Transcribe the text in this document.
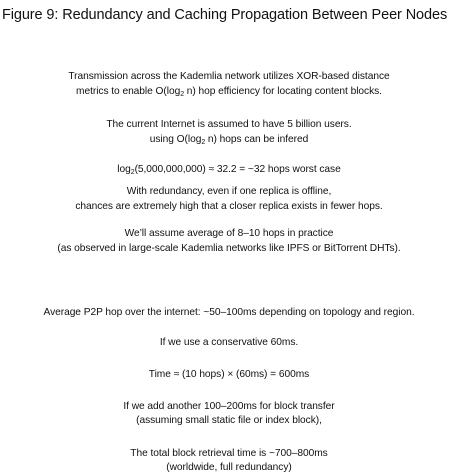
Figure 9: Redundancy and Caching Propagation Between Peer Nodes
Transmission across the Kademlia network utilizes XOR-based distance
metrics to enable $O(\log_2$ n) hop efficiency for locating content blocks.
The current Internet is assumed to have 5 billion users.
using $O(\log_2$ n) hops can be infered
$\log_2(5,000,000,000) \approx 32.2$ = ~32 hops worst case
With redundancy, even if one replica is offline,
chances are extremely high that a closer replica exists in fewer hops.
We’ll assume average of 8–10 hops in practice
(as observed in large-scale Kademlia networks like IPFS or BitTorrent DHTs).
Average P2P hop over the internet: ~50–100ms depending on topology and region.
If we use a conservative 60ms.
Time ≈ (10 hops) × (60ms) = 600ms
If we add another 100–200ms for block transfer
(assuming small static file or index block),
The total block retrieval time is ~700–800ms
(worldwide, full redundancy)
